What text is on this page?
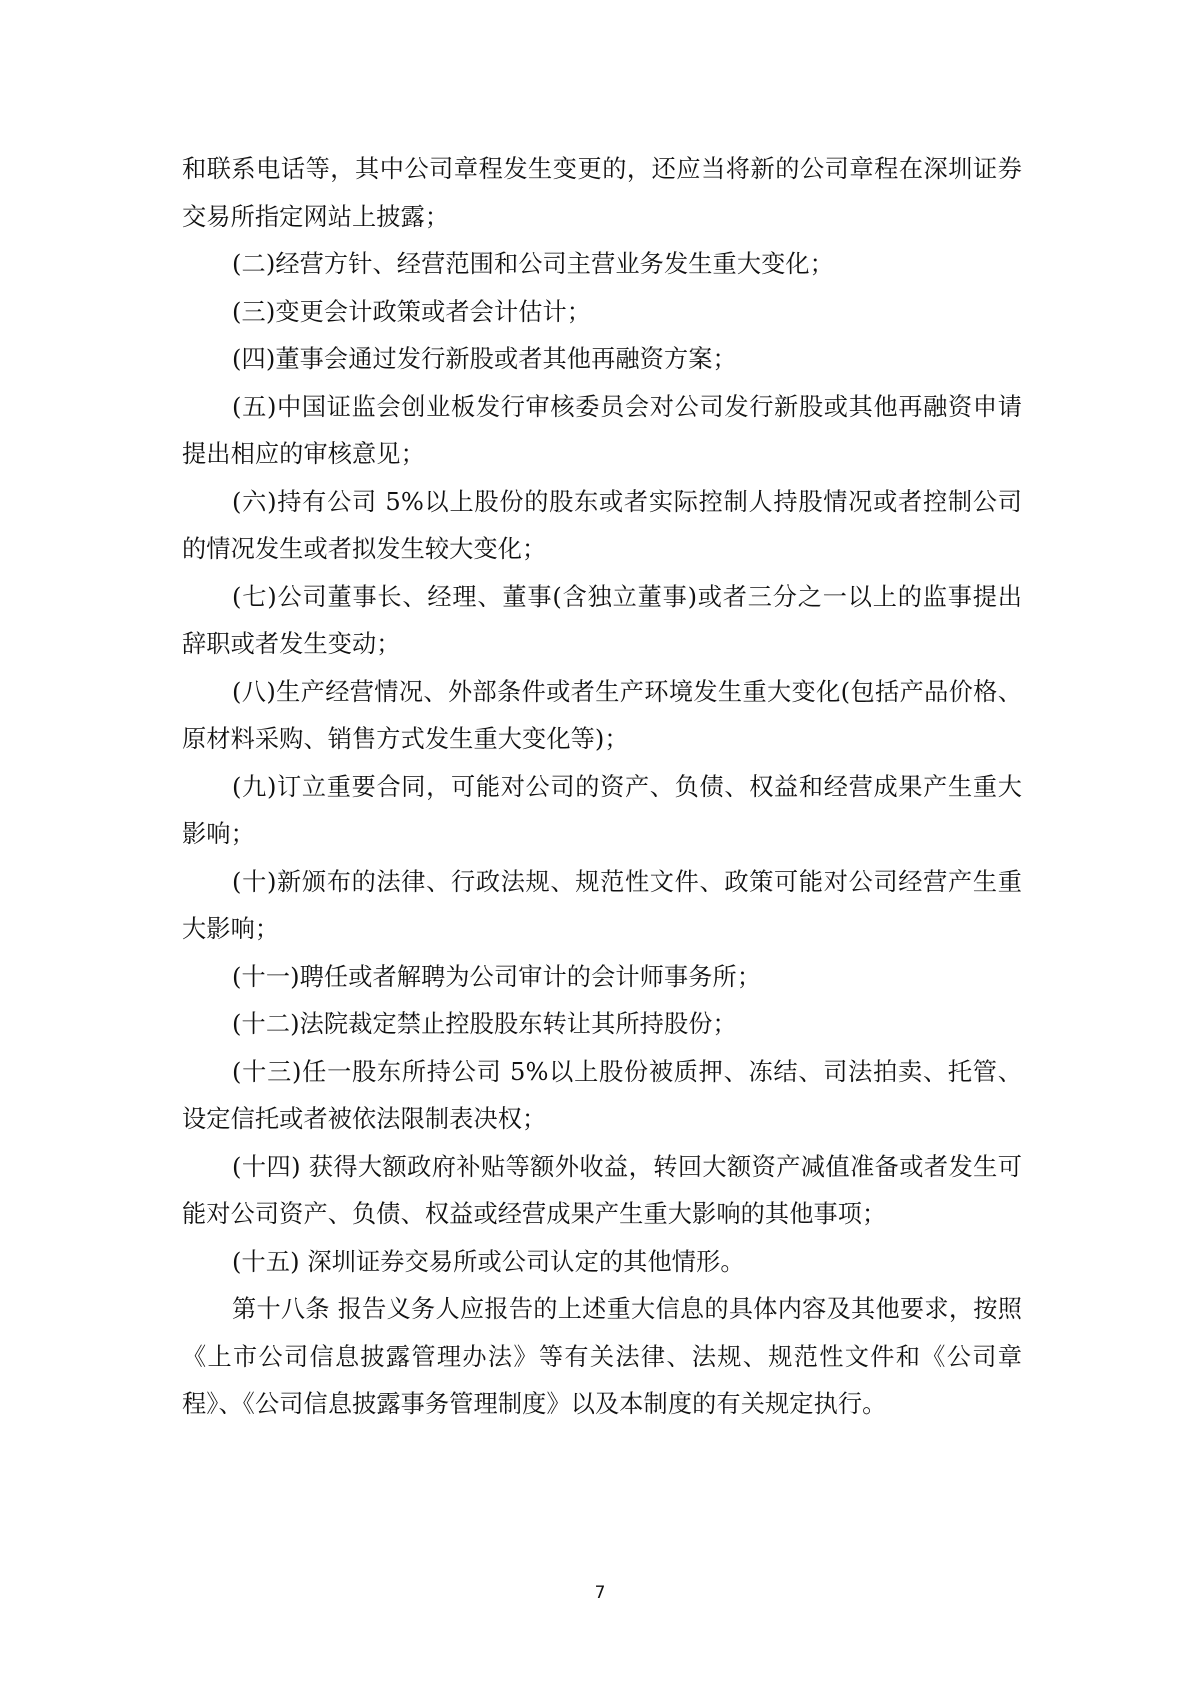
和联系电话等，其中公司章程发生变更的，还应当将新的公司章程在深圳证券交易所指定网站上披露；

(二)经营方针、经营范围和公司主营业务发生重大变化；

(三)变更会计政策或者会计估计；

(四)董事会通过发行新股或者其他再融资方案；

(五)中国证监会创业板发行审核委员会对公司发行新股或其他再融资申请提出相应的审核意见；

(六)持有公司 5%以上股份的股东或者实际控制人持股情况或者控制公司的情况发生或者拟发生较大变化；

(七)公司董事长、经理、董事(含独立董事)或者三分之一以上的监事提出辞职或者发生变动；

(八)生产经营情况、外部条件或者生产环境发生重大变化(包括产品价格、原材料采购、销售方式发生重大变化等)；

(九)订立重要合同，可能对公司的资产、负债、权益和经营成果产生重大影响；

(十)新颁布的法律、行政法规、规范性文件、政策可能对公司经营产生重大影响；

(十一)聘任或者解聘为公司审计的会计师事务所；

(十二)法院裁定禁止控股股东转让其所持股份；

(十三)任一股东所持公司 5%以上股份被质押、冻结、司法拍卖、托管、设定信托或者被依法限制表决权；

(十四) 获得大额政府补贴等额外收益，转回大额资产减值准备或者发生可能对公司资产、负债、权益或经营成果产生重大影响的其他事项；

(十五) 深圳证券交易所或公司认定的其他情形。

第十八条 报告义务人应报告的上述重大信息的具体内容及其他要求，按照《上市公司信息披露管理办法》等有关法律、法规、规范性文件和《公司章程》、《公司信息披露事务管理制度》以及本制度的有关规定执行。

7
